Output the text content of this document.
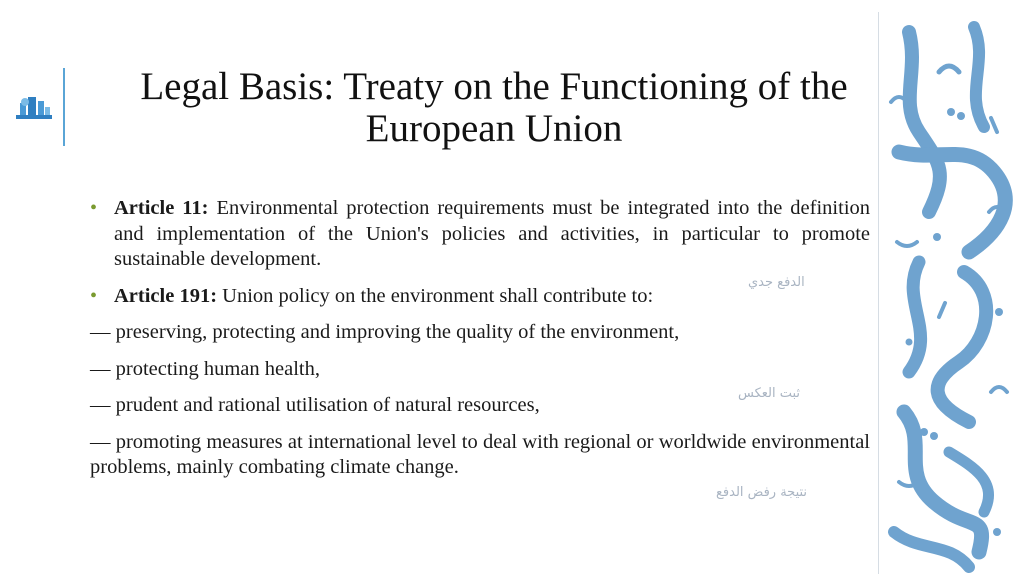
Legal Basis: Treaty on the Functioning of the European Union
• Article 11: Environmental protection requirements must be integrated into the definition and implementation of the Union's policies and activities, in particular to promote sustainable development.
• Article 191: Union policy on the environment shall contribute to:
— preserving, protecting and improving the quality of the environment,
— protecting human health,
— prudent and rational utilisation of natural resources,
— promoting measures at international level to deal with regional or worldwide environmental problems, mainly combating climate change.
الدفع جدي
ثبت العكس
نتيجة رفض الدفع
